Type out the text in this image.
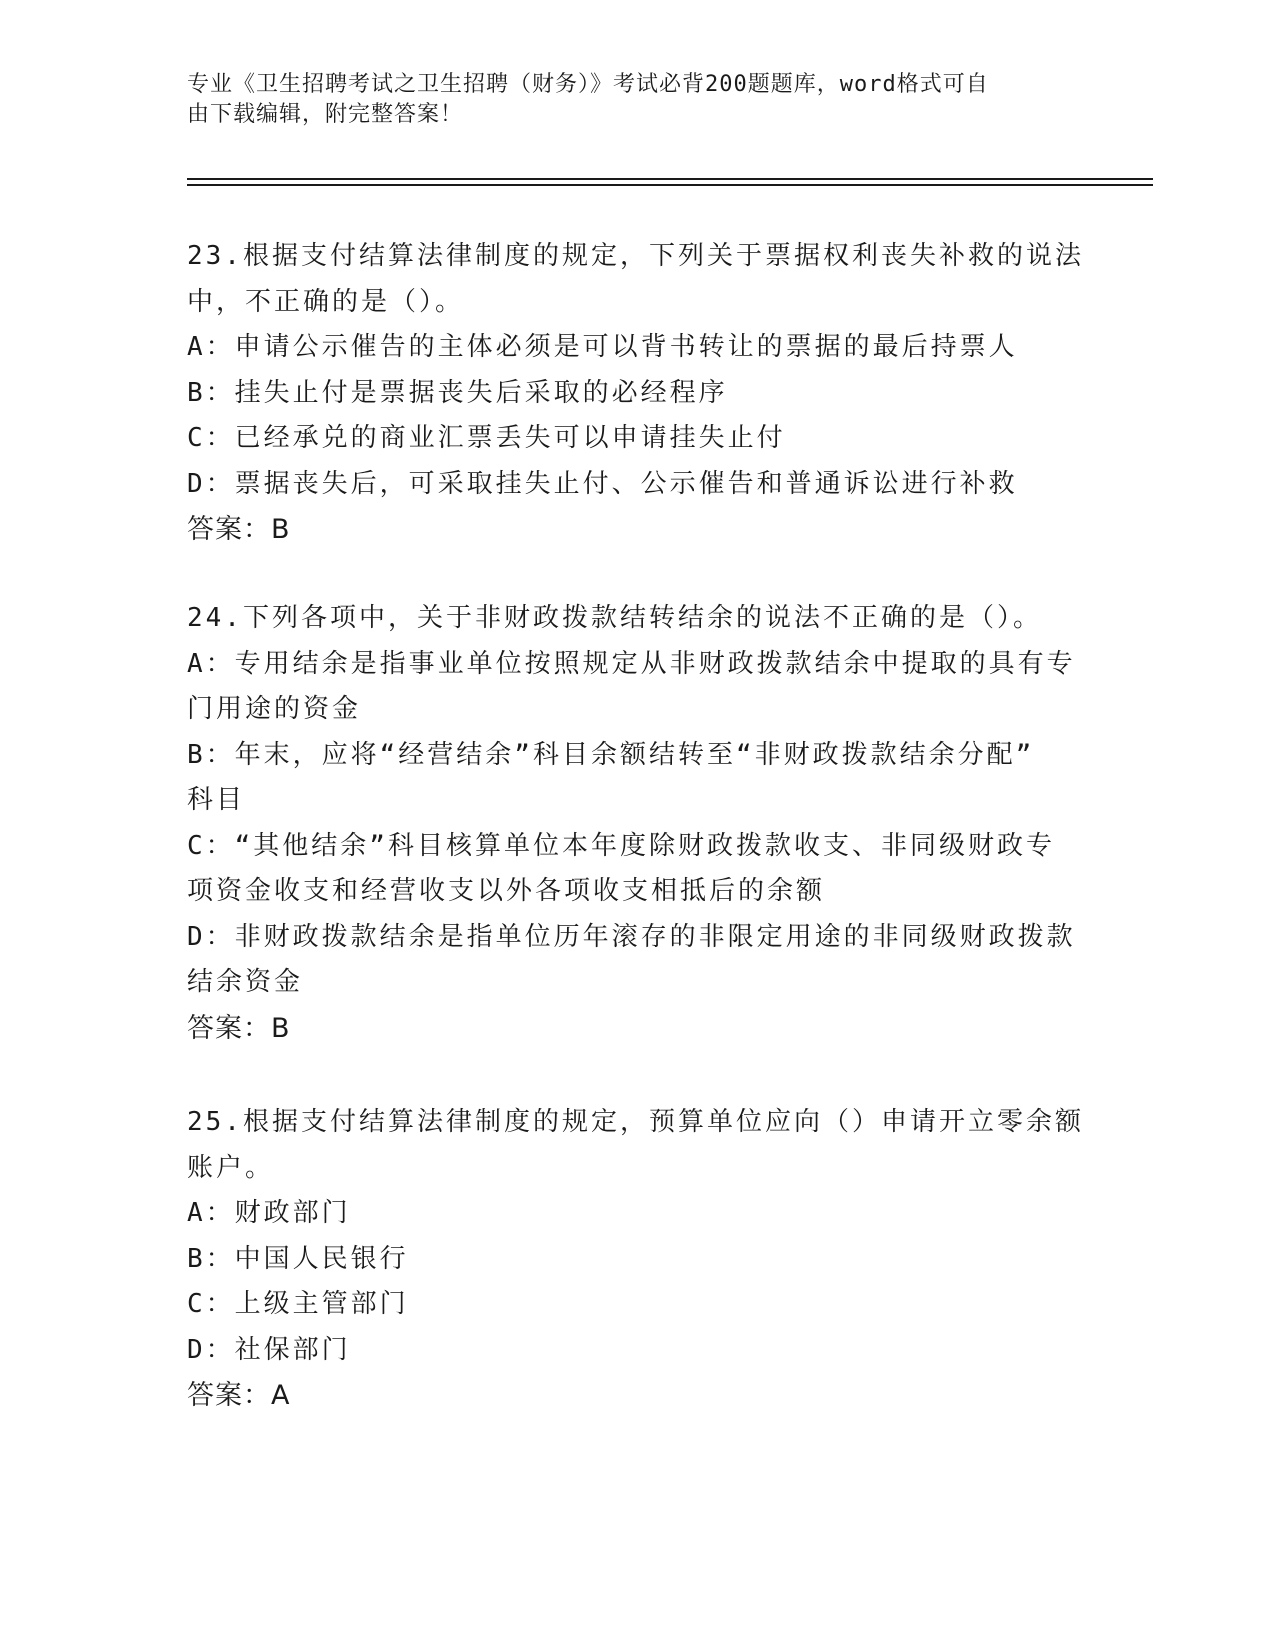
专业《卫生招聘考试之卫生招聘（财务）》考试必背200题题库，word格式可自
由下载编辑，附完整答案！
23.根据支付结算法律制度的规定，下列关于票据权利丧失补救的说法
中，不正确的是（）。
A：申请公示催告的主体必须是可以背书转让的票据的最后持票人
B：挂失止付是票据丧失后采取的必经程序
C：已经承兑的商业汇票丢失可以申请挂失止付
D：票据丧失后，可采取挂失止付、公示催告和普通诉讼进行补救
答案：B
24.下列各项中，关于非财政拨款结转结余的说法不正确的是（）。
A：专用结余是指事业单位按照规定从非财政拨款结余中提取的具有专
门用途的资金
B：年末，应将“经营结余”科目余额结转至“非财政拨款结余分配”
科目
C：“其他结余”科目核算单位本年度除财政拨款收支、非同级财政专
项资金收支和经营收支以外各项收支相抵后的余额
D：非财政拨款结余是指单位历年滚存的非限定用途的非同级财政拨款
结余资金
答案：B
25.根据支付结算法律制度的规定，预算单位应向（）申请开立零余额
账户。
A：财政部门
B：中国人民银行
C：上级主管部门
D：社保部门
答案：A
